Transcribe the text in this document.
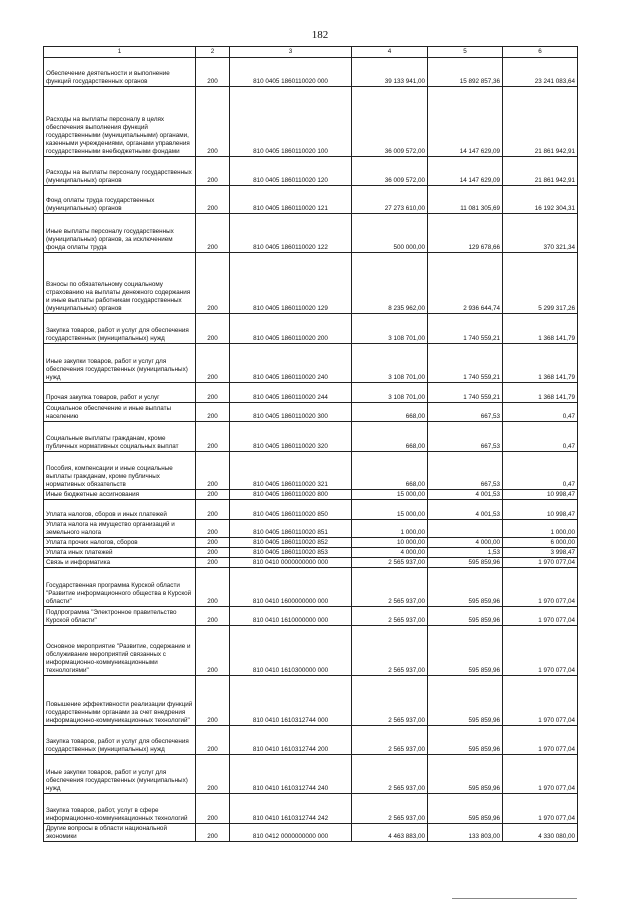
182
1	2	3	4	5	6
Обеспечение деятельности и выполнение функций государственных органов	200	810 0405 1860110020 000	39 133 941,00	15 892 857,36	23 241 083,64
Расходы на выплаты персоналу в целях обеспечения выполнения функций государственными (муниципальными) органами, казенными учреждениями, органами управления государственными внебюджетными фондами	200	810 0405 1860110020 100	36 009 572,00	14 147 629,09	21 861 942,91
Расходы на выплаты персоналу государственных (муниципальных) органов	200	810 0405 1860110020 120	36 009 572,00	14 147 629,09	21 861 942,91
Фонд оплаты труда государственных (муниципальных) органов	200	810 0405 1860110020 121	27 273 610,00	11 081 305,69	16 192 304,31
Иные выплаты персоналу государственных (муниципальных) органов, за исключением фонда оплаты труда	200	810 0405 1860110020 122	500 000,00	129 678,66	370 321,34
Взносы по обязательному социальному страхованию на выплаты денежного содержания и иные выплаты работникам государственных (муниципальных) органов	200	810 0405 1860110020 129	8 235 962,00	2 936 644,74	5 299 317,26
Закупка товаров, работ и услуг для обеспечения государственных (муниципальных) нужд	200	810 0405 1860110020 200	3 108 701,00	1 740 559,21	1 368 141,79
Иные закупки товаров, работ и услуг для обеспечения государственных (муниципальных) нужд	200	810 0405 1860110020 240	3 108 701,00	1 740 559,21	1 368 141,79
Прочая закупка товаров, работ и услуг	200	810 0405 1860110020 244	3 108 701,00	1 740 559,21	1 368 141,79
Социальное обеспечение и иные выплаты населению	200	810 0405 1860110020 300	668,00	667,53	0,47
Социальные выплаты гражданам, кроме публичных нормативных социальных выплат	200	810 0405 1860110020 320	668,00	667,53	0,47
Пособия, компенсации и иные социальные выплаты гражданам, кроме публичных нормативных обязательств	200	810 0405 1860110020 321	668,00	667,53	0,47
Иные бюджетные ассигнования	200	810 0405 1860110020 800	15 000,00	4 001,53	10 998,47
Уплата налогов, сборов и иных платежей	200	810 0405 1860110020 850	15 000,00	4 001,53	10 998,47
Уплата налога на имущество организаций и земельного налога	200	810 0405 1860110020 851	1 000,00		1 000,00
Уплата прочих налогов, сборов	200	810 0405 1860110020 852	10 000,00	4 000,00	6 000,00
Уплата иных платежей	200	810 0405 1860110020 853	4 000,00	1,53	3 998,47
Связь и информатика	200	810 0410 0000000000 000	2 565 937,00	595 859,96	1 970 077,04
Государственная программа Курской области "Развитие информационного общества в Курской области"	200	810 0410 1600000000 000	2 565 937,00	595 859,96	1 970 077,04
Подпрограмма "Электронное правительство Курской области"	200	810 0410 1610000000 000	2 565 937,00	595 859,96	1 970 077,04
Основное мероприятие "Развитие, содержание и обслуживание мероприятий связанных с информационно-коммуникационными технологиями"	200	810 0410 1610300000 000	2 565 937,00	595 859,96	1 970 077,04
Повышение эффективности реализации функций государственными органами за счет внедрения информационно-коммуникационных технологий"	200	810 0410 1610312744 000	2 565 937,00	595 859,96	1 970 077,04
Закупка товаров, работ и услуг для обеспечения государственных (муниципальных) нужд	200	810 0410 1610312744 200	2 565 937,00	595 859,96	1 970 077,04
Иные закупки товаров, работ и услуг для обеспечения государственных (муниципальных) нужд	200	810 0410 1610312744 240	2 565 937,00	595 859,96	1 970 077,04
Закупка товаров, работ, услуг в сфере информационно-коммуникационных технологий	200	810 0410 1610312744 242	2 565 937,00	595 859,96	1 970 077,04
Другие вопросы в области национальной экономики	200	810 0412 0000000000 000	4 463 883,00	133 803,00	4 330 080,00
